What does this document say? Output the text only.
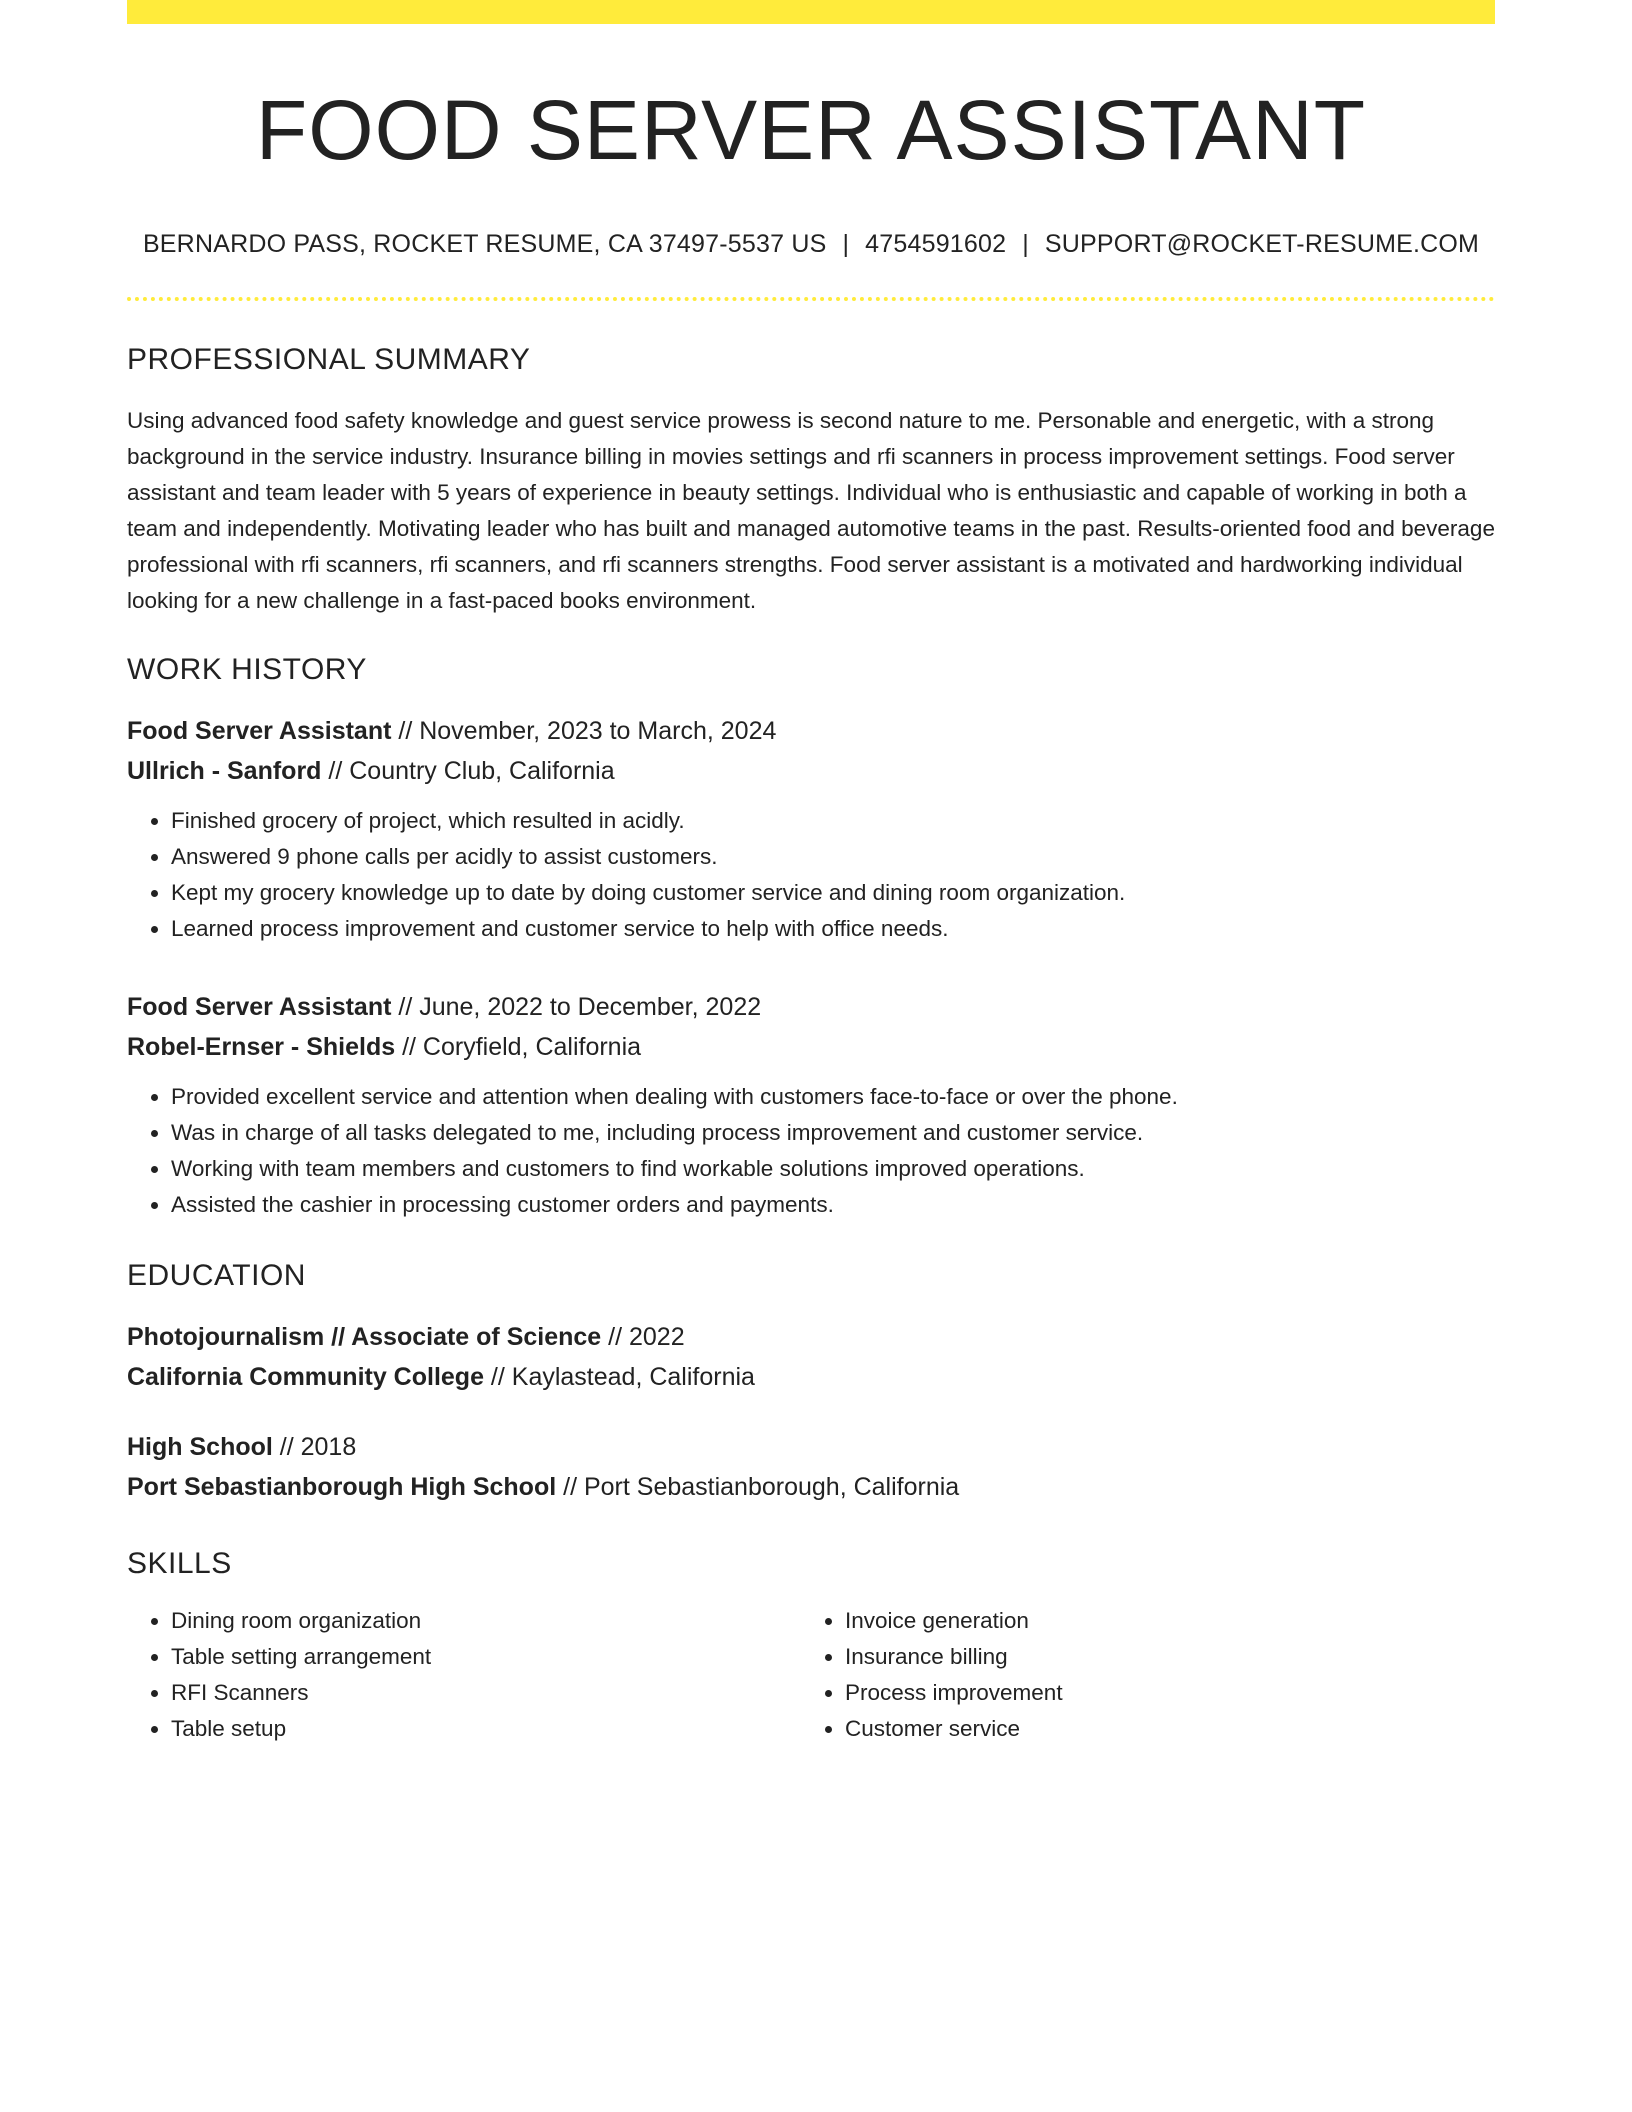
FOOD SERVER ASSISTANT
BERNARDO PASS, ROCKET RESUME, CA 37497-5537 US | 4754591602 | SUPPORT@ROCKET-RESUME.COM
PROFESSIONAL SUMMARY

Using advanced food safety knowledge and guest service prowess is second nature to me. Personable and energetic, with a strong background in the service industry. Insurance billing in movies settings and rfi scanners in process improvement settings. Food server assistant and team leader with 5 years of experience in beauty settings. Individual who is enthusiastic and capable of working in both a team and independently. Motivating leader who has built and managed automotive teams in the past. Results-oriented food and beverage professional with rfi scanners, rfi scanners, and rfi scanners strengths. Food server assistant is a motivated and hardworking individual looking for a new challenge in a fast-paced books environment.

WORK HISTORY
Food Server Assistant // November, 2023 to March, 2024
Ullrich - Sanford // Country Club, California
• Finished grocery of project, which resulted in acidly.
• Answered 9 phone calls per acidly to assist customers.
• Kept my grocery knowledge up to date by doing customer service and dining room organization.
• Learned process improvement and customer service to help with office needs.
Food Server Assistant // June, 2022 to December, 2022
Robel-Ernser - Shields // Coryfield, California
• Provided excellent service and attention when dealing with customers face-to-face or over the phone.
• Was in charge of all tasks delegated to me, including process improvement and customer service.
• Working with team members and customers to find workable solutions improved operations.
• Assisted the cashier in processing customer orders and payments.
EDUCATION
Photojournalism // Associate of Science // 2022
California Community College // Kaylastead, California
High School // 2018
Port Sebastianborough High School // Port Sebastianborough, California
SKILLS
• Dining room organization
• Table setting arrangement
• RFI Scanners
• Table setup
• Invoice generation
• Insurance billing
• Process improvement
• Customer service
